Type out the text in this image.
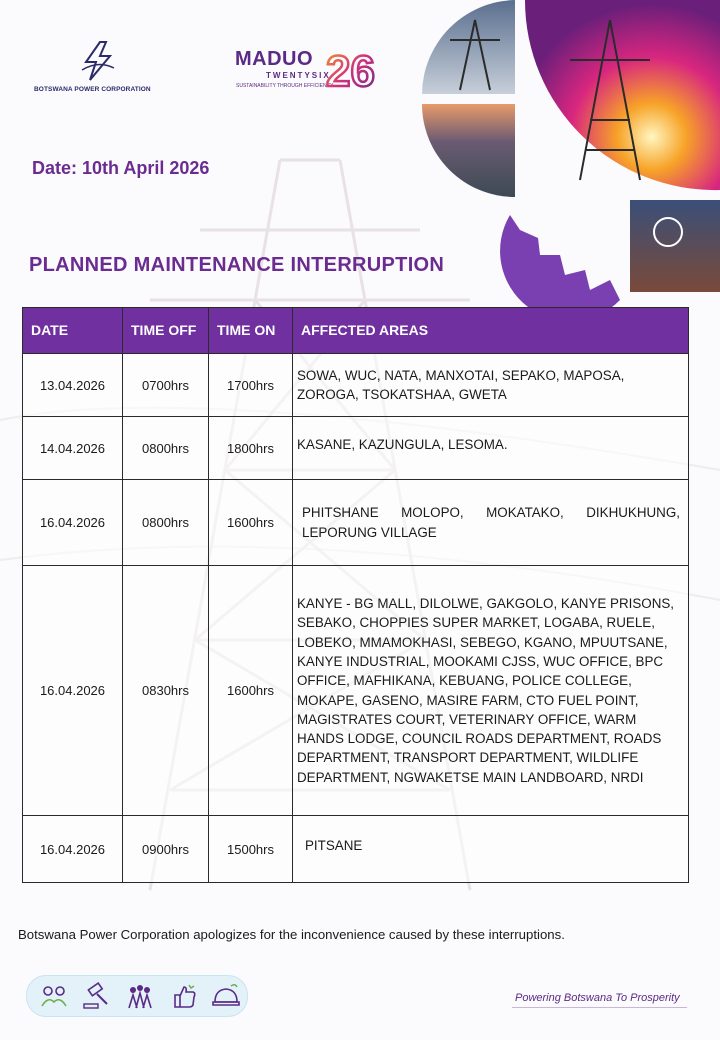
BOTSWANA POWER CORPORATION
MADUO
TWENTYSIX
SUSTAINABILITY THROUGH EFFICIENCY
26
Date: 10th April 2026
PLANNED MAINTENANCE INTERRUPTION
DATE	TIME OFF	TIME ON	AFFECTED AREAS
13.04.2026	0700hrs	1700hrs	SOWA, WUC, NATA, MANXOTAI, SEPAKO, MAPOSA, ZOROGA, TSOKATSHAA, GWETA
14.04.2026	0800hrs	1800hrs	KASANE, KAZUNGULA, LESOMA.
16.04.2026	0800hrs	1600hrs	PHITSHANE MOLOPO, MOKATAKO, DIKHUKHUNG, LEPORUNG VILLAGE
16.04.2026	0830hrs	1600hrs	KANYE - BG MALL, DILOLWE, GAKGOLO, KANYE PRISONS, SEBAKO, CHOPPIES SUPER MARKET, LOGABA, RUELE, LOBEKO, MMAMOKHASI, SEBEGO, KGANO, MPUUTSANE, KANYE INDUSTRIAL, MOOKAMI CJSS, WUC OFFICE, BPC OFFICE, MAFHIKANA, KEBUANG, POLICE COLLEGE, MOKAPE, GASENO, MASIRE FARM, CTO FUEL POINT, MAGISTRATES COURT, VETERINARY OFFICE, WARM HANDS LODGE, COUNCIL ROADS DEPARTMENT, ROADS DEPARTMENT, TRANSPORT DEPARTMENT, WILDLIFE DEPARTMENT, NGWAKETSE MAIN LANDBOARD, NRDI
16.04.2026	0900hrs	1500hrs	PITSANE
Botswana Power Corporation apologizes for the inconvenience caused by these interruptions.
Powering Botswana To Prosperity
